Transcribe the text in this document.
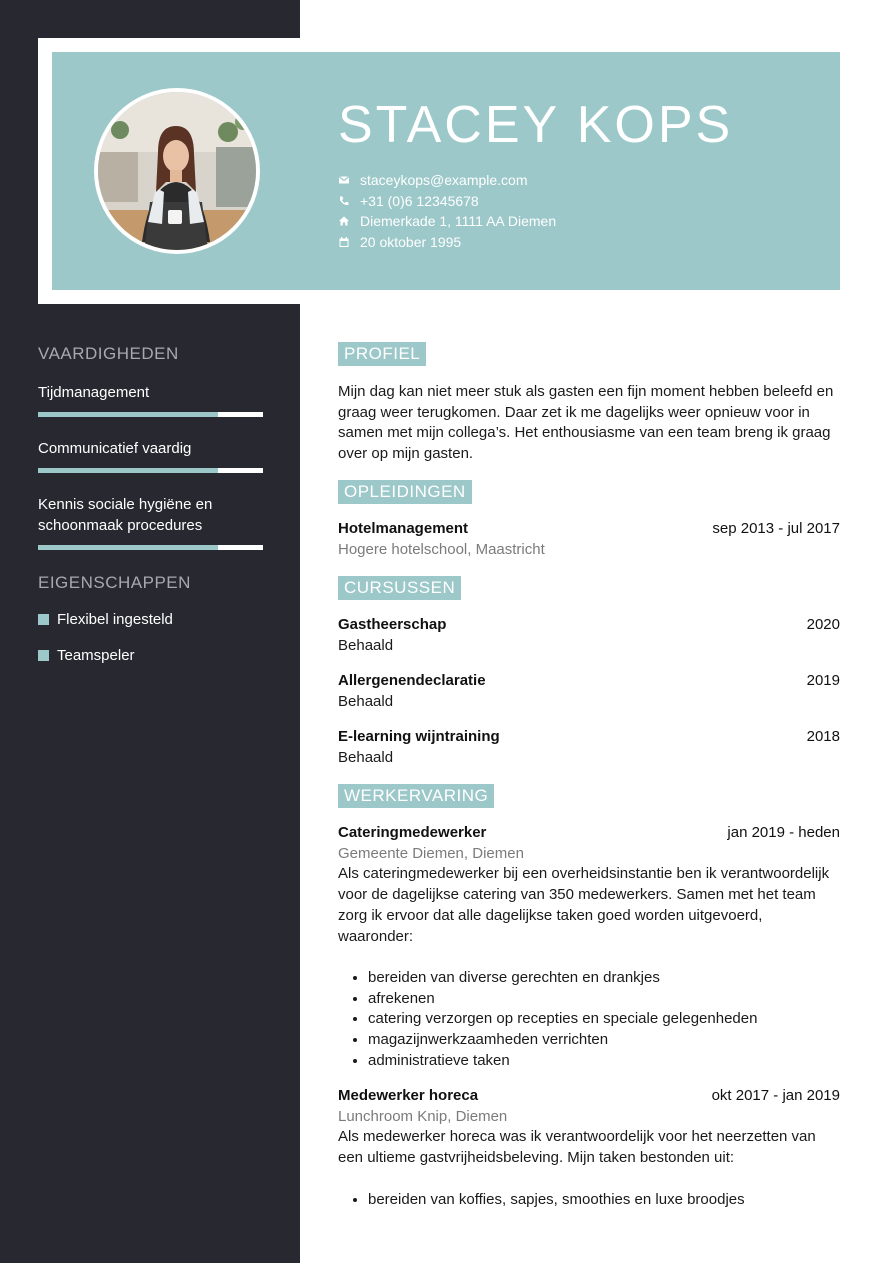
STACEY KOPS
staceykops@example.com
+31 (0)6 12345678
Diemerkade 1, 1111 AA Diemen
20 oktober 1995
VAARDIGHEDEN
Tijdmanagement
Communicatief vaardig
Kennis sociale hygiëne en schoonmaak procedures
EIGENSCHAPPEN
Flexibel ingesteld
Teamspeler
PROFIEL
Mijn dag kan niet meer stuk als gasten een fijn moment hebben beleefd en graag weer terugkomen. Daar zet ik me dagelijks weer opnieuw voor in samen met mijn collega’s. Het enthousiasme van een team breng ik graag over op mijn gasten.
OPLEIDINGEN
Hotelmanagement	sep 2013 - jul 2017
Hogere hotelschool, Maastricht
CURSUSSEN
Gastheerschap	2020
Behaald
Allergenendeclaratie	2019
Behaald
E-learning wijntraining	2018
Behaald
WERKERVARING
Cateringmedewerker	jan 2019 - heden
Gemeente Diemen, Diemen
Als cateringmedewerker bij een overheidsinstantie ben ik verantwoordelijk voor de dagelijkse catering van 350 medewerkers. Samen met het team zorg ik ervoor dat alle dagelijkse taken goed worden uitgevoerd, waaronder:
• bereiden van diverse gerechten en drankjes
• afrekenen
• catering verzorgen op recepties en speciale gelegenheden
• magazijnwerkzaamheden verrichten
• administratieve taken
Medewerker horeca	okt 2017 - jan 2019
Lunchroom Knip, Diemen
Als medewerker horeca was ik verantwoordelijk voor het neerzetten van een ultieme gastvrijheidsbeleving. Mijn taken bestonden uit:
• bereiden van koffies, sapjes, smoothies en luxe broodjes
